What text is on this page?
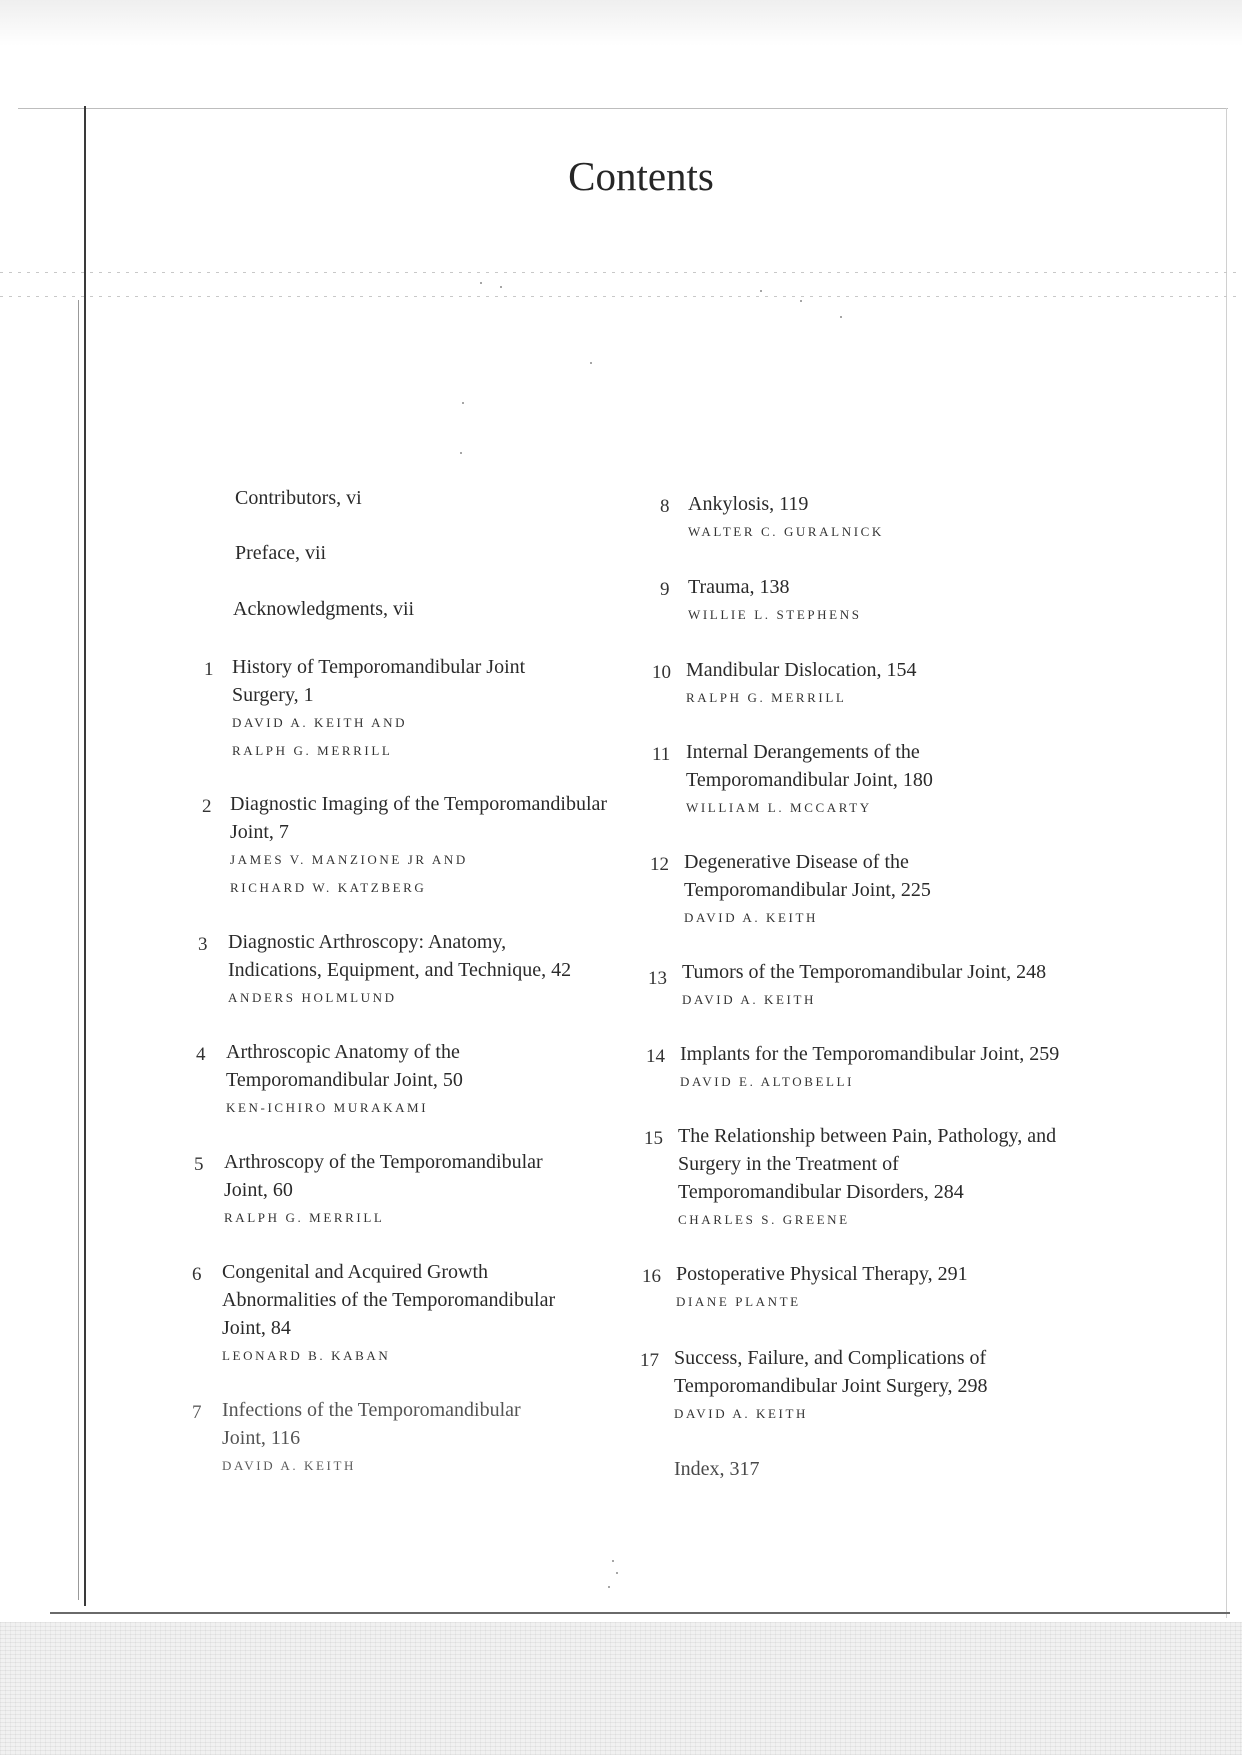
Contents
Contributors, vi
Preface, vii
Acknowledgments, vii
1 History of Temporomandibular Joint
Surgery, 1
DAVID A. KEITH AND
RALPH G. MERRILL
2 Diagnostic Imaging of the Temporomandibular
Joint, 7
JAMES V. MANZIONE JR AND
RICHARD W. KATZBERG
3	Diagnostic Arthroscopy: Anatomy,
Indications, Equipment, and Technique, 42
ANDERS HOLMLUND
4	Arthroscopic Anatomy of the
Temporomandibular Joint, 50
KEN-ICHIRO MURAKAMI
5	Arthroscopy of the Temporomandibular
Joint, 60
RALPH G. MERRILL
6	Congenital and Acquired Growth
Abnormalities of the Temporomandibular
Joint, 84
LEONARD B. KABAN
7	Infections of the Temporomandibular
Joint, 116
DAVID A. KEITH
8 Ankylosis, 119
WALTER C. GURALNICK
9 Trauma, 138
WILLIE L. STEPHENS
10 Mandibular Dislocation, 154
RALPH G. MERRILL
11 Internal Derangements of the
Temporomandibular Joint, 180
WILLIAM L. MCCARTY
12 Degenerative Disease of the
Temporomandibular Joint, 225
DAVID A. KEITH
13 Tumors of the Temporomandibular Joint, 248
DAVID A. KEITH
14 Implants for the Temporomandibular Joint, 259
DAVID E. ALTOBELLI
15 The Relationship between Pain, Pathology, and
Surgery in the Treatment of
Temporomandibular Disorders, 284
CHARLES S. GREENE
16 Postoperative Physical Therapy, 291
DIANE PLANTE
17 Success, Failure, and Complications of
Temporomandibular Joint Surgery, 298
DAVID A. KEITH
Index, 317
